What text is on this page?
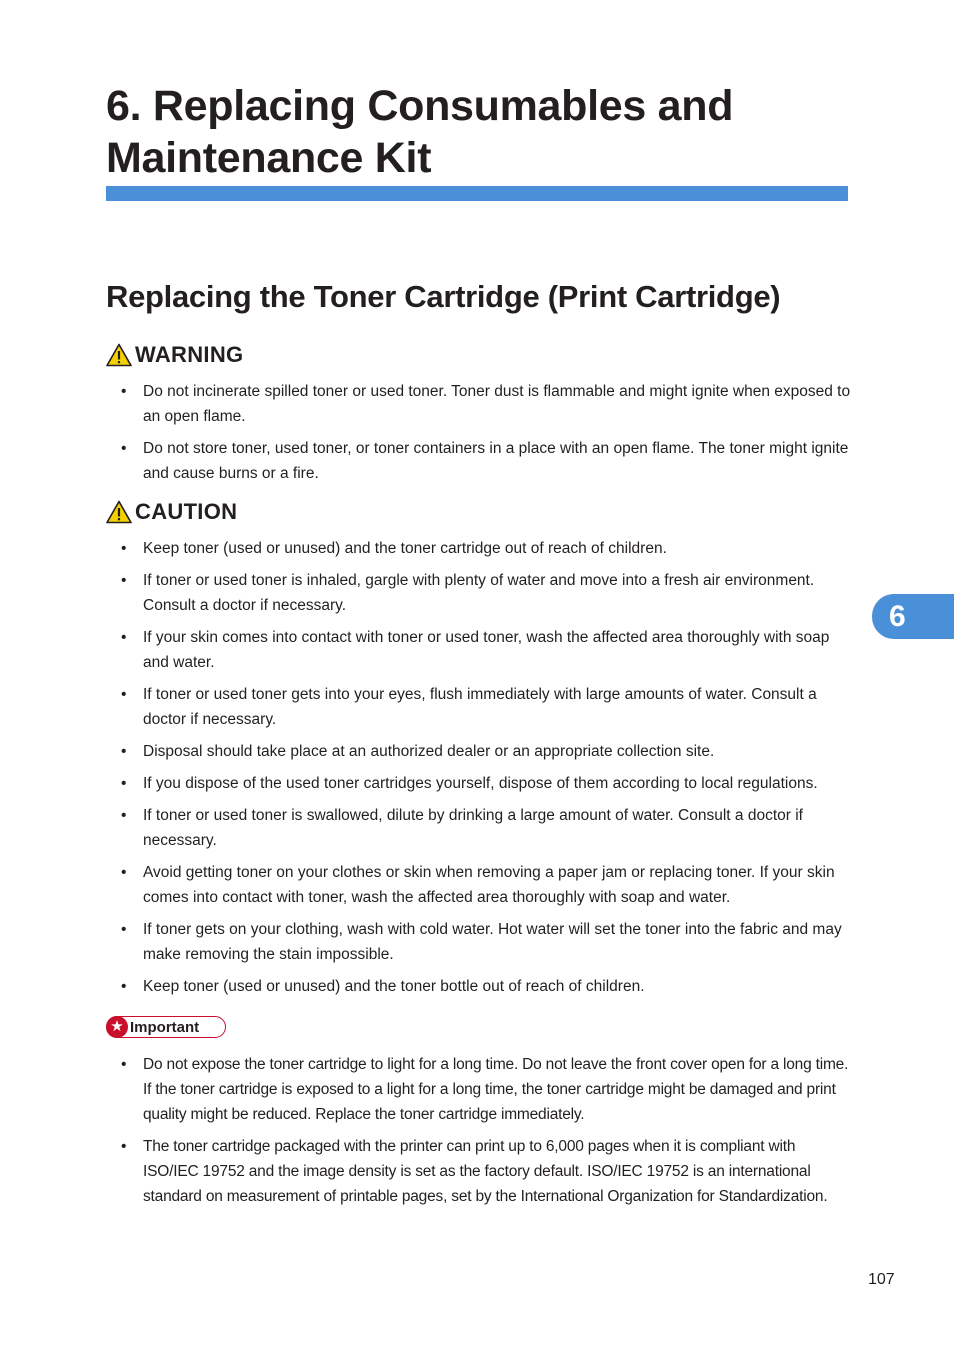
6. Replacing Consumables and
Maintenance Kit
Replacing the Toner Cartridge (Print Cartridge)
WARNING
• Do not incinerate spilled toner or used toner. Toner dust is flammable and might ignite when exposed to an open flame.
• Do not store toner, used toner, or toner containers in a place with an open flame. The toner might ignite and cause burns or a fire.
CAUTION
• Keep toner (used or unused) and the toner cartridge out of reach of children.
• If toner or used toner is inhaled, gargle with plenty of water and move into a fresh air environment. Consult a doctor if necessary.
• If your skin comes into contact with toner or used toner, wash the affected area thoroughly with soap and water.
• If toner or used toner gets into your eyes, flush immediately with large amounts of water. Consult a doctor if necessary.
• Disposal should take place at an authorized dealer or an appropriate collection site.
• If you dispose of the used toner cartridges yourself, dispose of them according to local regulations.
• If toner or used toner is swallowed, dilute by drinking a large amount of water. Consult a doctor if necessary.
• Avoid getting toner on your clothes or skin when removing a paper jam or replacing toner. If your skin comes into contact with toner, wash the affected area thoroughly with soap and water.
• If toner gets on your clothing, wash with cold water. Hot water will set the toner into the fabric and may make removing the stain impossible.
• Keep toner (used or unused) and the toner bottle out of reach of children.
★ Important
• Do not expose the toner cartridge to light for a long time. Do not leave the front cover open for a long time. If the toner cartridge is exposed to a light for a long time, the toner cartridge might be damaged and print quality might be reduced. Replace the toner cartridge immediately.
• The toner cartridge packaged with the printer can print up to 6,000 pages when it is compliant with ISO/IEC 19752 and the image density is set as the factory default. ISO/IEC 19752 is an international standard on measurement of printable pages, set by the International Organization for Standardization.
6
107
